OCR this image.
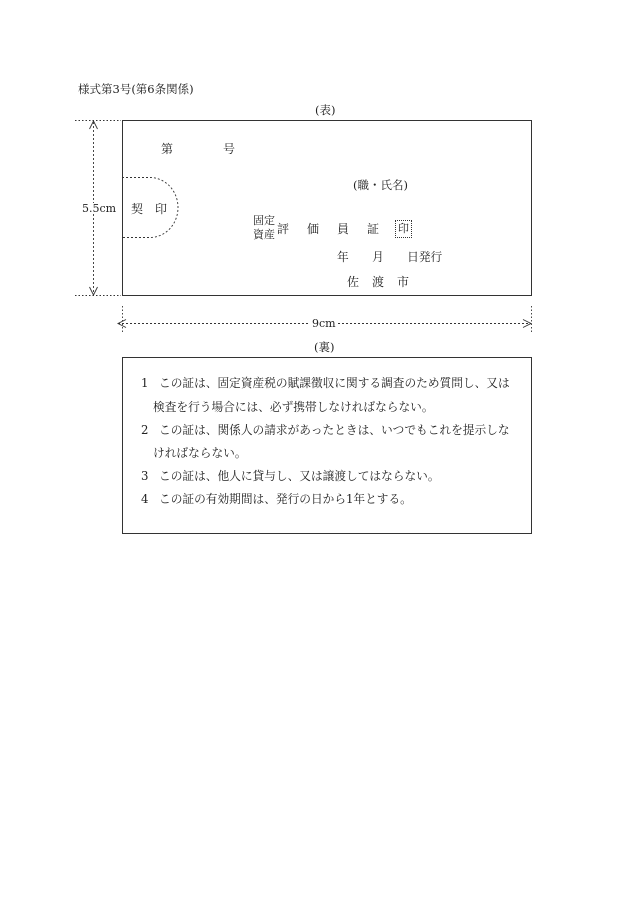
様式第3号(第6条関係)
(表)
5.5cm
9cm
第	号
(職・氏名)
契　印
固定
資産 評　価　員　証 印
年　　月　　日発行
佐　渡　市
(裏)
1 この証は、固定資産税の賦課徴収に関する調査のため質問し、又は
検査を行う場合には、必ず携帯しなければならない。
2 この証は、関係人の請求があったときは、いつでもこれを提示しな
ければならない。
3 この証は、他人に貸与し、又は譲渡してはならない。
4 この証の有効期間は、発行の日から1年とする。
